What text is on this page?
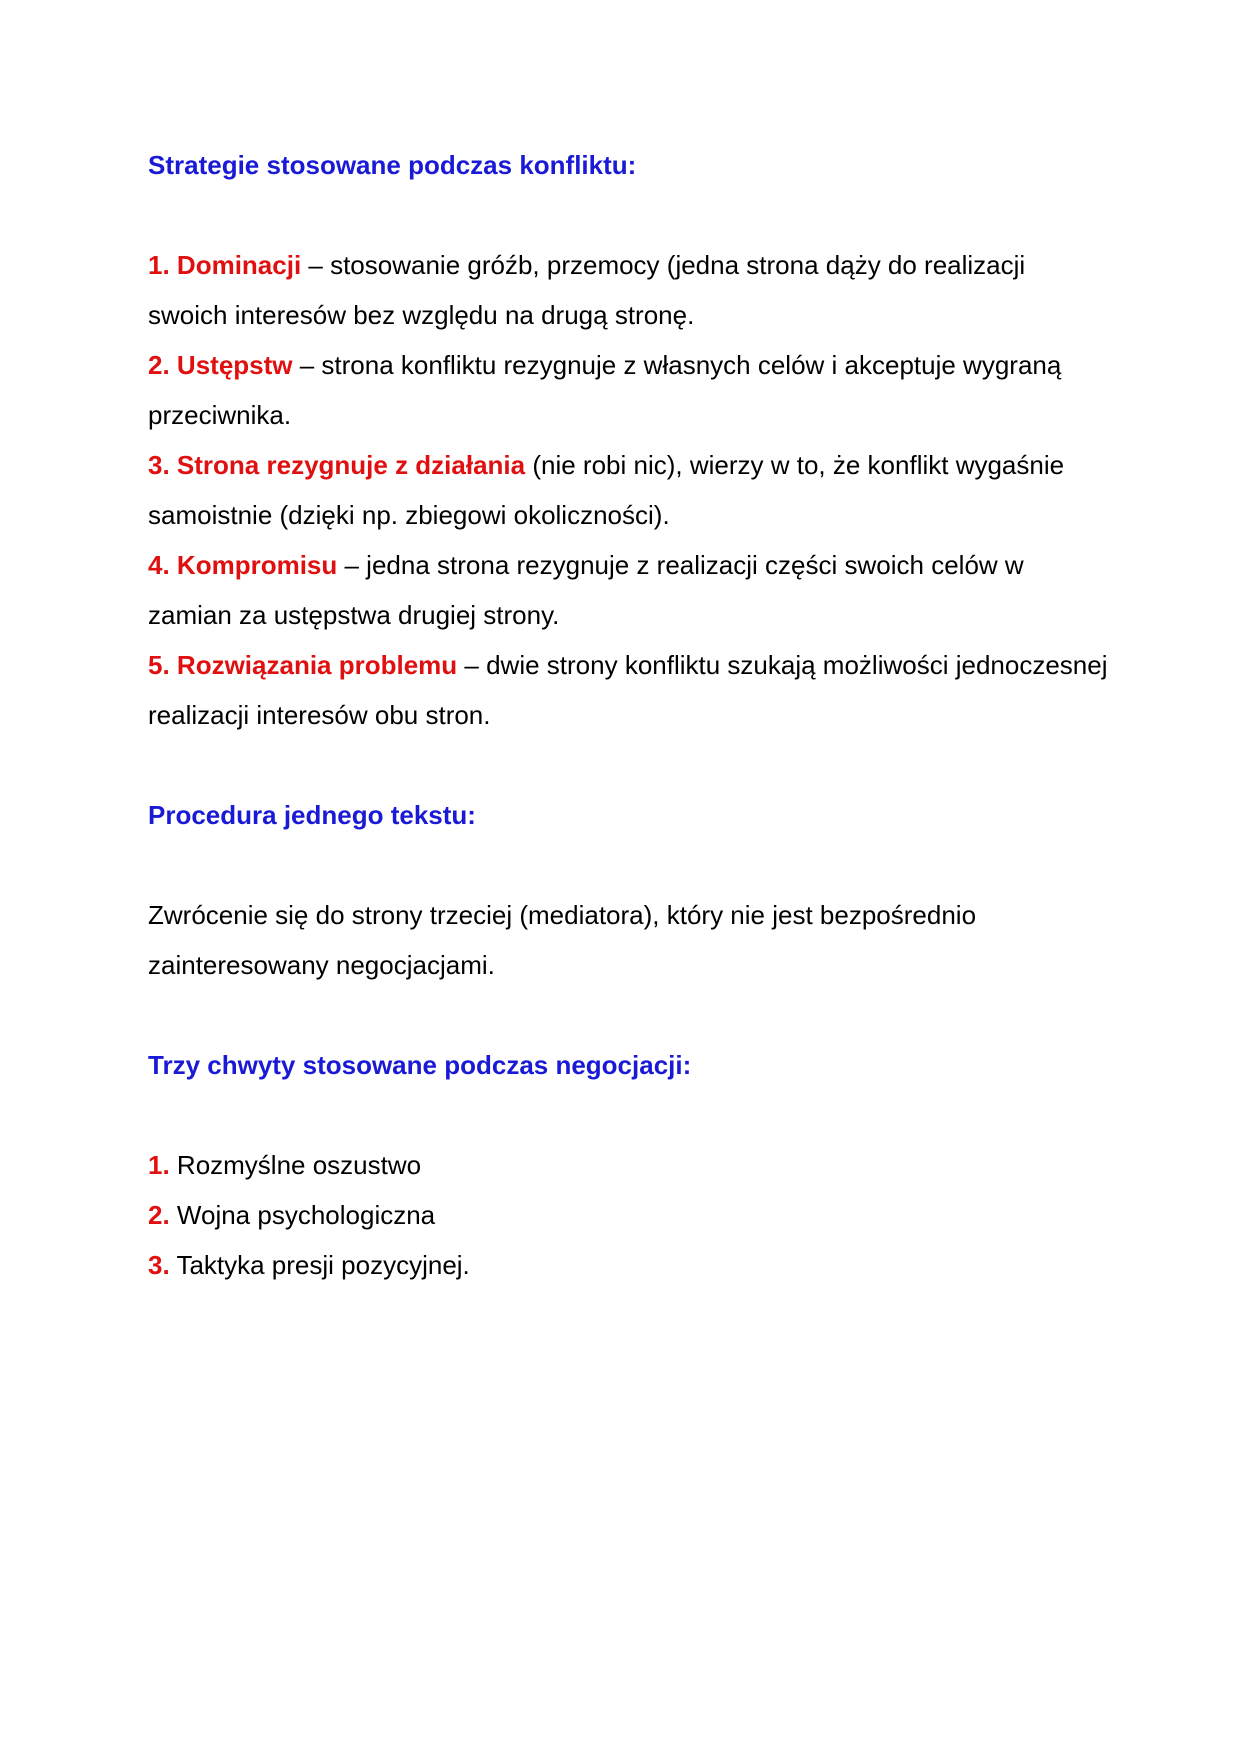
Strategie stosowane podczas konfliktu:

1. Dominacji – stosowanie gróźb, przemocy (jedna strona dąży do realizacji swoich interesów bez względu na drugą stronę.

2. Ustępstw – strona konfliktu rezygnuje z własnych celów i akceptuje wygraną przeciwnika.

3. Strona rezygnuje z działania (nie robi nic), wierzy w to, że konflikt wygaśnie samoistnie (dzięki np. zbiegowi okoliczności).

4. Kompromisu – jedna strona rezygnuje z realizacji części swoich celów w zamian za ustępstwa drugiej strony.

5. Rozwiązania problemu – dwie strony konfliktu szukają możliwości jednoczesnej realizacji interesów obu stron.

Procedura jednego tekstu:

Zwrócenie się do strony trzeciej (mediatora), który nie jest bezpośrednio zainteresowany negocjacjami.

Trzy chwyty stosowane podczas negocjacji:

1. Rozmyślne oszustwo

2. Wojna psychologiczna

3. Taktyka presji pozycyjnej.
